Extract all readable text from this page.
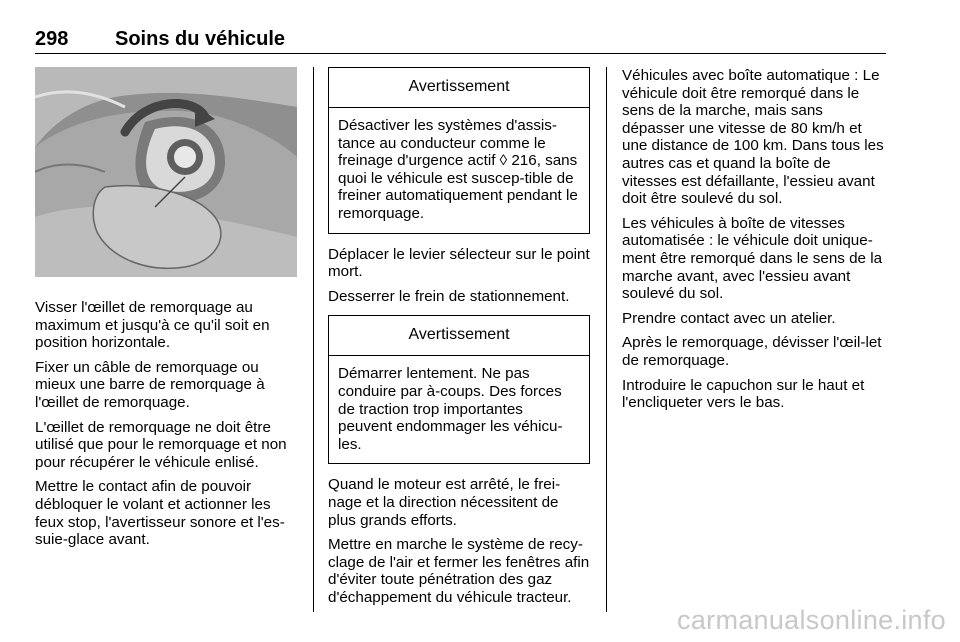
298 Soins du véhicule

Visser l'œillet de remorquage au maximum et jusqu'à ce qu'il soit en position horizontale.

Fixer un câble de remorquage ou mieux une barre de remorquage à l'œillet de remorquage.

L'œillet de remorquage ne doit être utilisé que pour le remorquage et non pour récupérer le véhicule enlisé.

Mettre le contact afin de pouvoir débloquer le volant et actionner les feux stop, l'avertisseur sonore et l'es‐suie-glace avant.

Avertissement
Désactiver les systèmes d'assis‐tance au conducteur comme le freinage d'urgence actif ◊ 216, sans quoi le véhicule est suscep‐tible de freiner automatiquement pendant le remorquage.

Déplacer le levier sélecteur sur le point mort.

Desserrer le frein de stationnement.

Avertissement
Démarrer lentement. Ne pas conduire par à-coups. Des forces de traction trop importantes peuvent endommager les véhicu‐les.

Quand le moteur est arrêté, le frei‐nage et la direction nécessitent de plus grands efforts.

Mettre en marche le système de recy‐clage de l'air et fermer les fenêtres afin d'éviter toute pénétration des gaz d'échappement du véhicule tracteur.

Véhicules avec boîte automatique : Le véhicule doit être remorqué dans le sens de la marche, mais sans dépasser une vitesse de 80 km/h et une distance de 100 km. Dans tous les autres cas et quand la boîte de vitesses est défaillante, l'essieu avant doit être soulevé du sol.

Les véhicules à boîte de vitesses automatisée : le véhicule doit unique‐ment être remorqué dans le sens de la marche avant, avec l'essieu avant soulevé du sol.

Prendre contact avec un atelier.

Après le remorquage, dévisser l'œil‐let de remorquage.

Introduire le capuchon sur le haut et l'encliqueter vers le bas.

carmanualsonline.info
